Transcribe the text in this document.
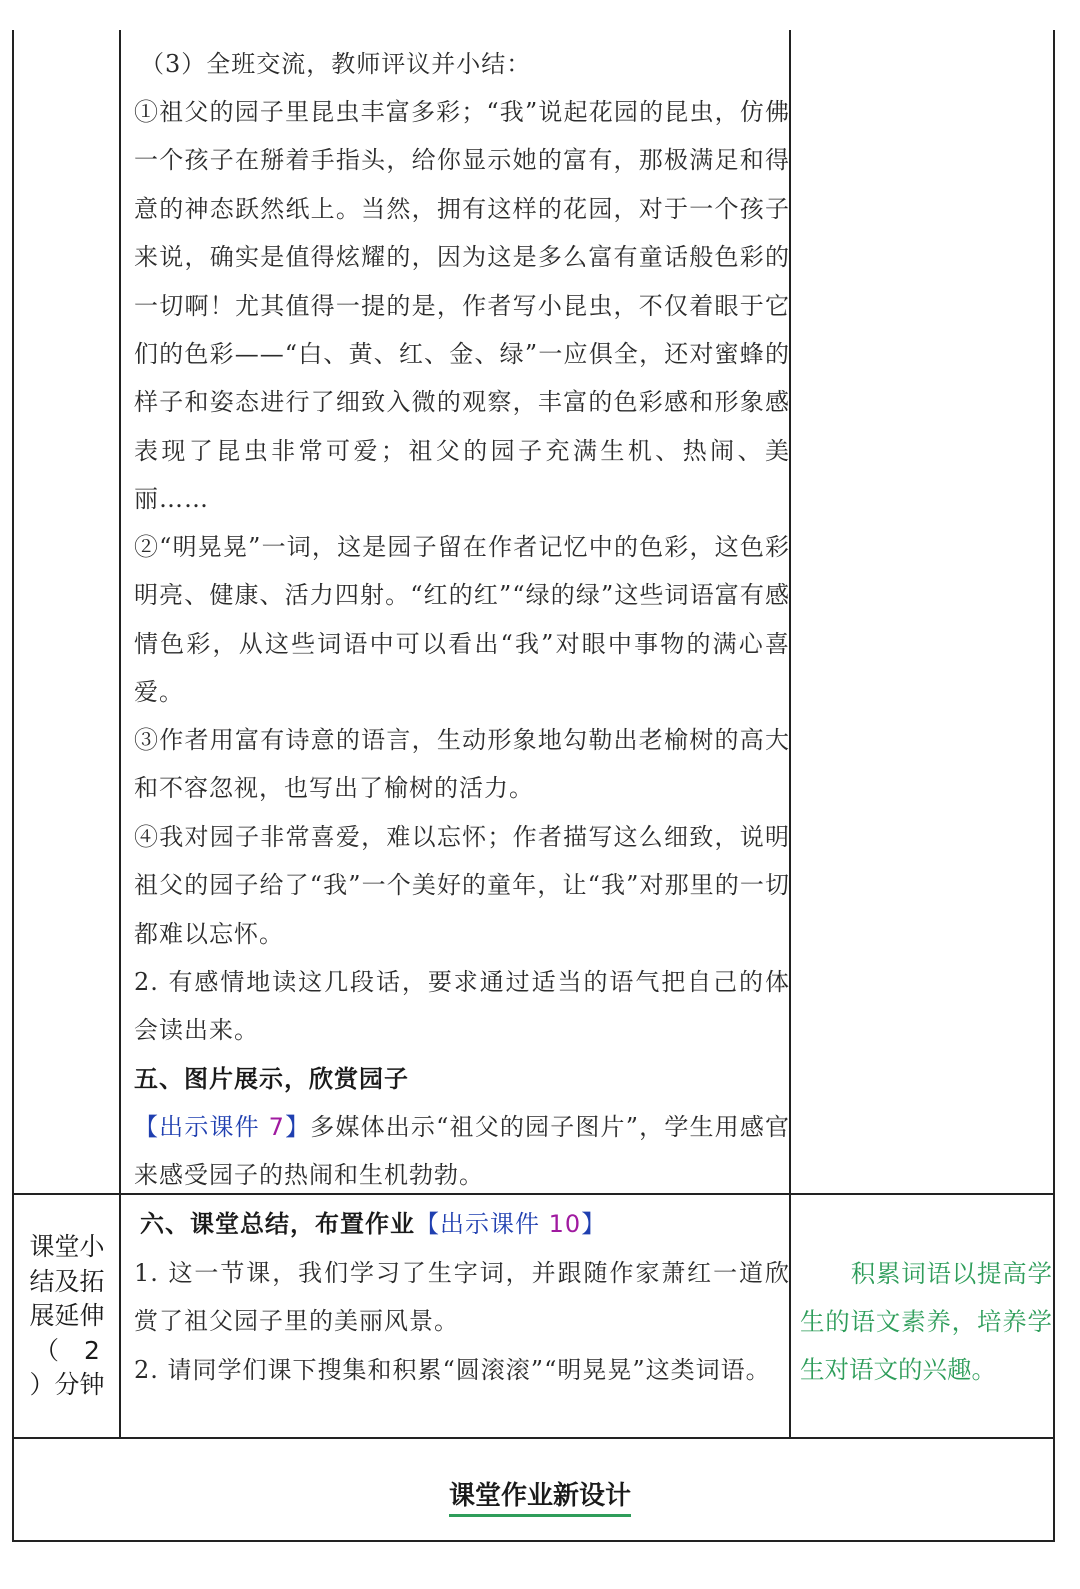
（3）全班交流，教师评议并小结：

①祖父的园子里昆虫丰富多彩；“我”说起花园的昆虫，仿佛一个孩子在掰着手指头，给你显示她的富有，那极满足和得意的神态跃然纸上。当然，拥有这样的花园，对于一个孩子来说，确实是值得炫耀的，因为这是多么富有童话般色彩的一切啊！尤其值得一提的是，作者写小昆虫，不仅着眼于它们的色彩——“白、黄、红、金、绿”一应俱全，还对蜜蜂的样子和姿态进行了细致入微的观察，丰富的色彩感和形象感表现了昆虫非常可爱；祖父的园子充满生机、热闹、美丽……

②“明晃晃”一词，这是园子留在作者记忆中的色彩，这色彩明亮、健康、活力四射。“红的红”“绿的绿”这些词语富有感情色彩，从这些词语中可以看出“我”对眼中事物的满心喜爱。

③作者用富有诗意的语言，生动形象地勾勒出老榆树的高大和不容忽视，也写出了榆树的活力。

④我对园子非常喜爱，难以忘怀；作者描写这么细致，说明祖父的园子给了“我”一个美好的童年，让“我”对那里的一切都难以忘怀。

2. 有感情地读这几段话，要求通过适当的语气把自己的体会读出来。

五、图片展示，欣赏园子

【出示课件 7】多媒体出示“祖父的园子图片”，学生用感官来感受园子的热闹和生机勃勃。

课堂小
结及拓
展延伸
（　2
）分钟

六、课堂总结，布置作业【出示课件 10】

1. 这一节课，我们学习了生字词，并跟随作家萧红一道欣赏了祖父园子里的美丽风景。

2. 请同学们课下搜集和积累“圆滚滚”“明晃晃”这类词语。

积累词语以提高学生的语文素养，培养学生对语文的兴趣。
课堂作业新设计
